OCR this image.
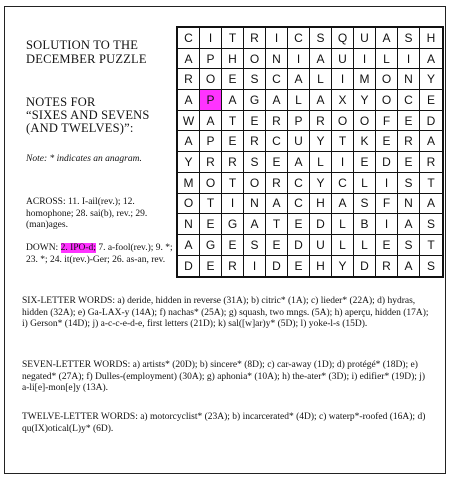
SOLUTION TO THE
DECEMBER PUZZLE
NOTES FOR
“SIXES AND SEVENS
(AND TWELVES)”:
Note: * indicates an anagram.
ACROSS: 11. I-ail(rev.); 12. homophone; 28. sai(b), rev.; 29. (man)ages.
DOWN: 2. IPO-d; 7. a-fool(rev.); 9. *; 23. *; 24. it(rev.)-Ger; 26. as-an, rev.
C	I	T	R	I	C	S	Q	U	A	S	H
A	P	H	O	N	I	A	U	I	L	I	A
R	O	E	S	C	A	L	I	M	O	N	Y
A	P	A	G	A	L	A	X	Y	O	C	E
W	A	T	E	R	P	R	O	O	F	E	D
A	P	E	R	C	U	Y	T	K	E	R	A
Y	R	R	S	E	A	L	I	E	D	E	R
M	O	T	O	R	C	Y	C	L	I	S	T
O	T	I	N	A	C	H	A	S	F	N	A
N	E	G	A	T	E	D	L	B	I	A	S
A	G	E	S	E	D	U	L	L	E	S	T
D	E	R	I	D	E	H	Y	D	R	A	S
SIX-LETTER WORDS: a) deride, hidden in reverse (31A); b) citric* (1A); c) lieder* (22A); d) hydras, hidden (32A); e) Ga-LAX-y (14A); f) nachas* (25A); g) squash, two mngs. (5A); h) aperçu, hidden (17A); i) Gerson* (14D); j) a-c-c-e-d-e, first letters (21D); k) sal([w]ar)y* (5D); l) yoke-l-s (15D).
SEVEN-LETTER WORDS: a) artists* (20D); b) sincere* (8D); c) car-away (1D); d) protégé* (18D); e) negated* (27A); f) Dulles-(employment) (30A); g) aphonia* (10A); h) the-ater* (3D); i) edifier* (19D); j) a-li[e]-mon[e]y (13A).
TWELVE-LETTER WORDS: a) motorcyclist* (23A); b) incarcerated* (4D); c) waterp*-roofed (16A); d) qu(IX)otical(L)y* (6D).
